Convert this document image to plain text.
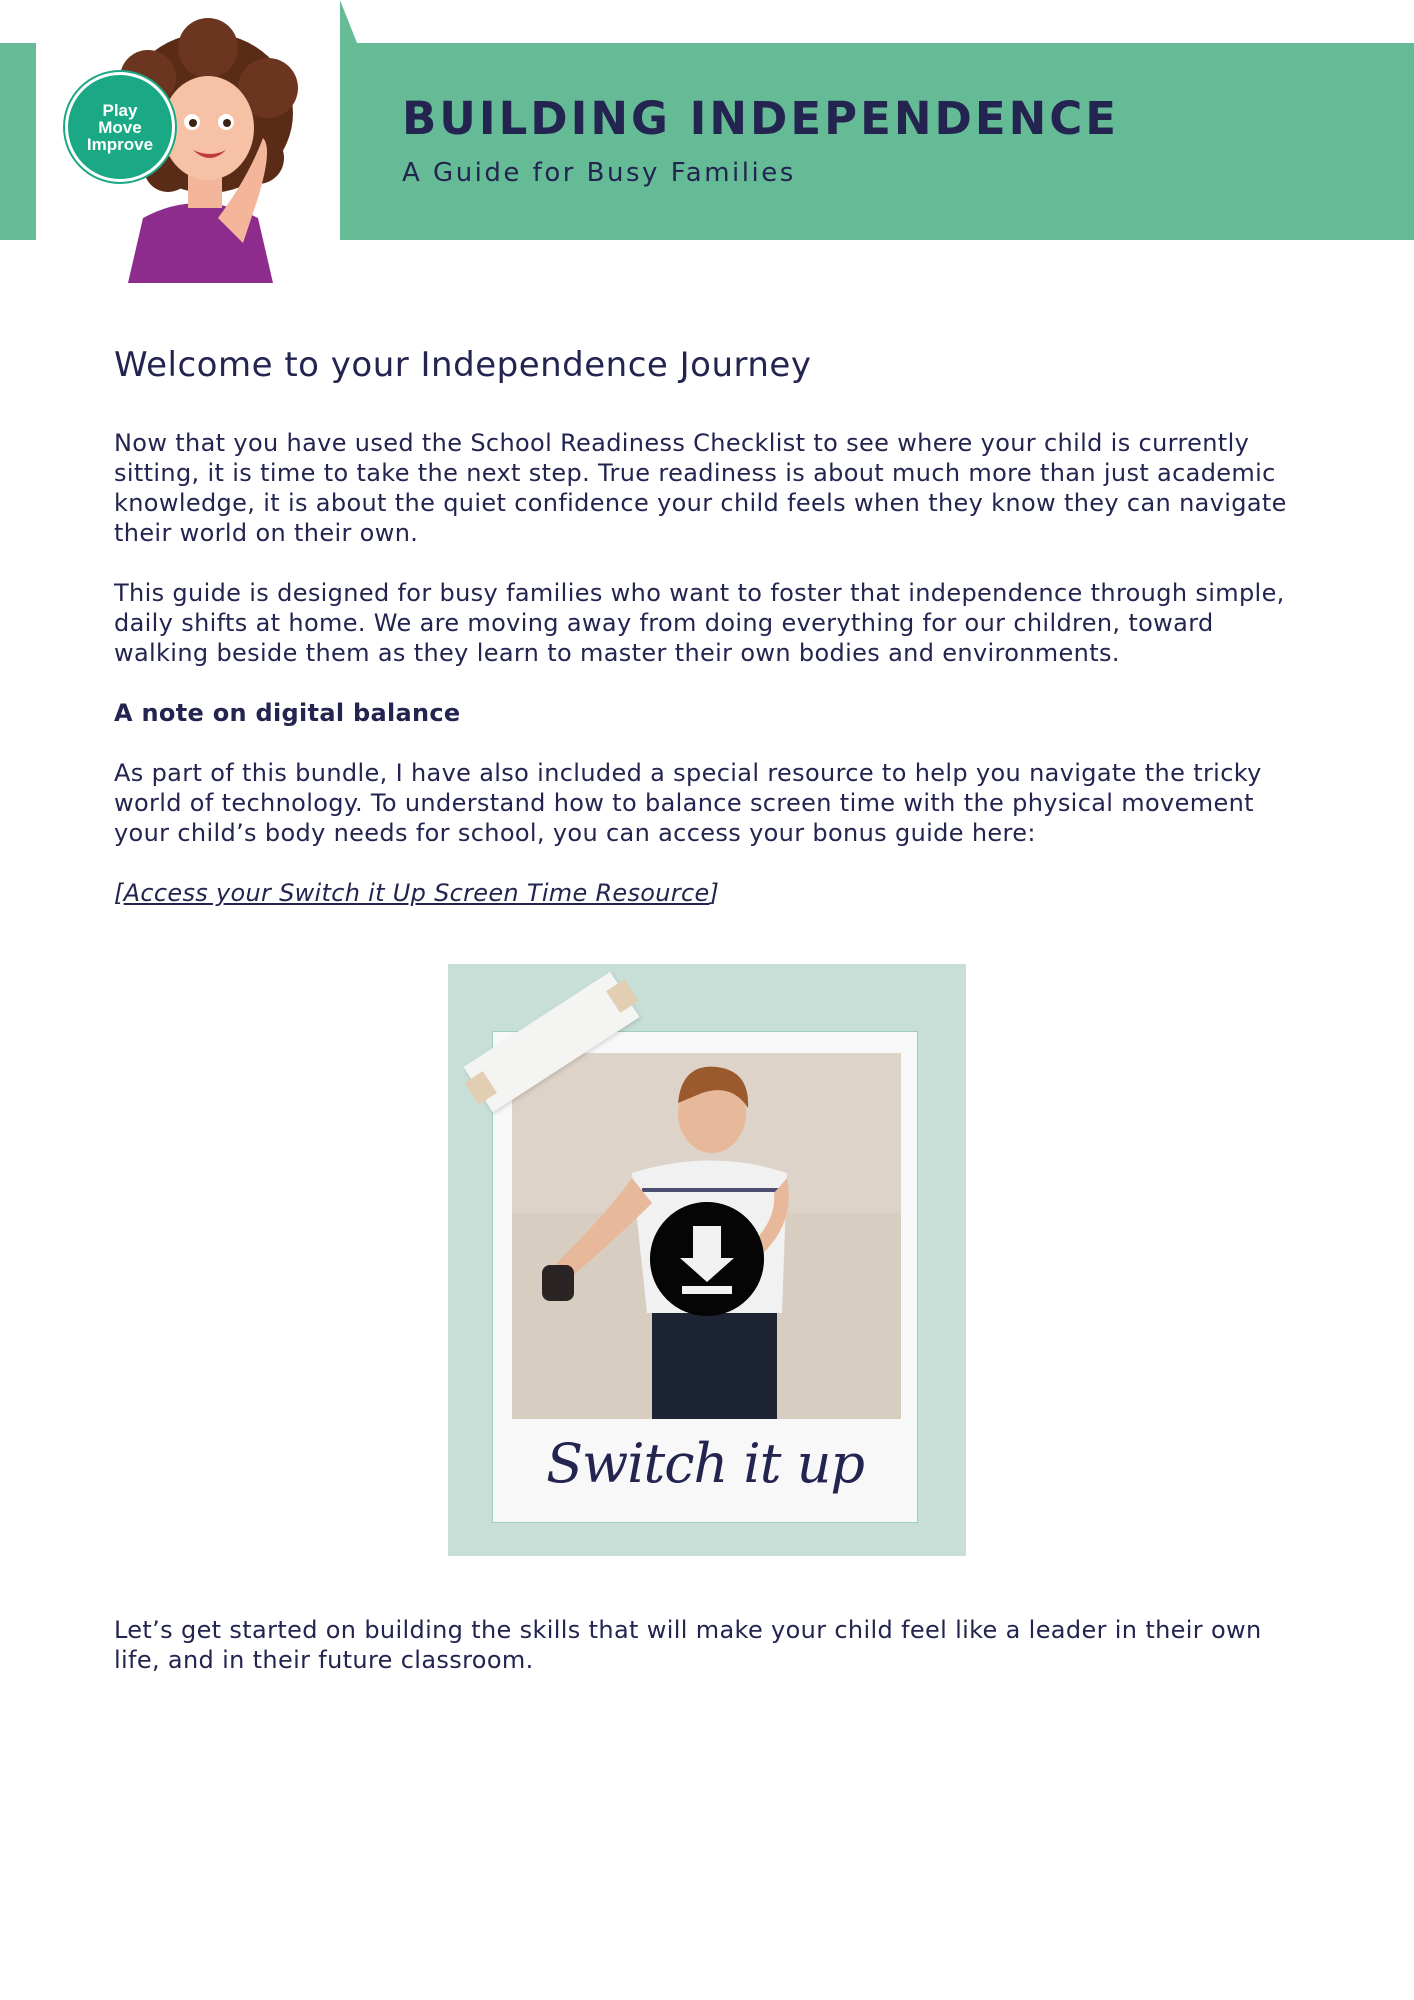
Play
Move
Improve	BUILDING INDEPENDENCE
A Guide for Busy Families
Welcome to your Independence Journey

Now that you have used the School Readiness Checklist to see where your child is currently sitting, it is time to take the next step. True readiness is about much more than just academic knowledge, it is about the quiet confidence your child feels when they know they can navigate their world on their own.

This guide is designed for busy families who want to foster that independence through simple, daily shifts at home. We are moving away from doing everything for our children, toward walking beside them as they learn to master their own bodies and environments.

A note on digital balance

As part of this bundle, I have also included a special resource to help you navigate the tricky world of technology. To understand how to balance screen time with the physical movement your child’s body needs for school, you can access your bonus guide here:

[Access your Switch it Up Screen Time Resource]
Switch it up

Let’s get started on building the skills that will make your child feel like a leader in their own life, and in their future classroom.
